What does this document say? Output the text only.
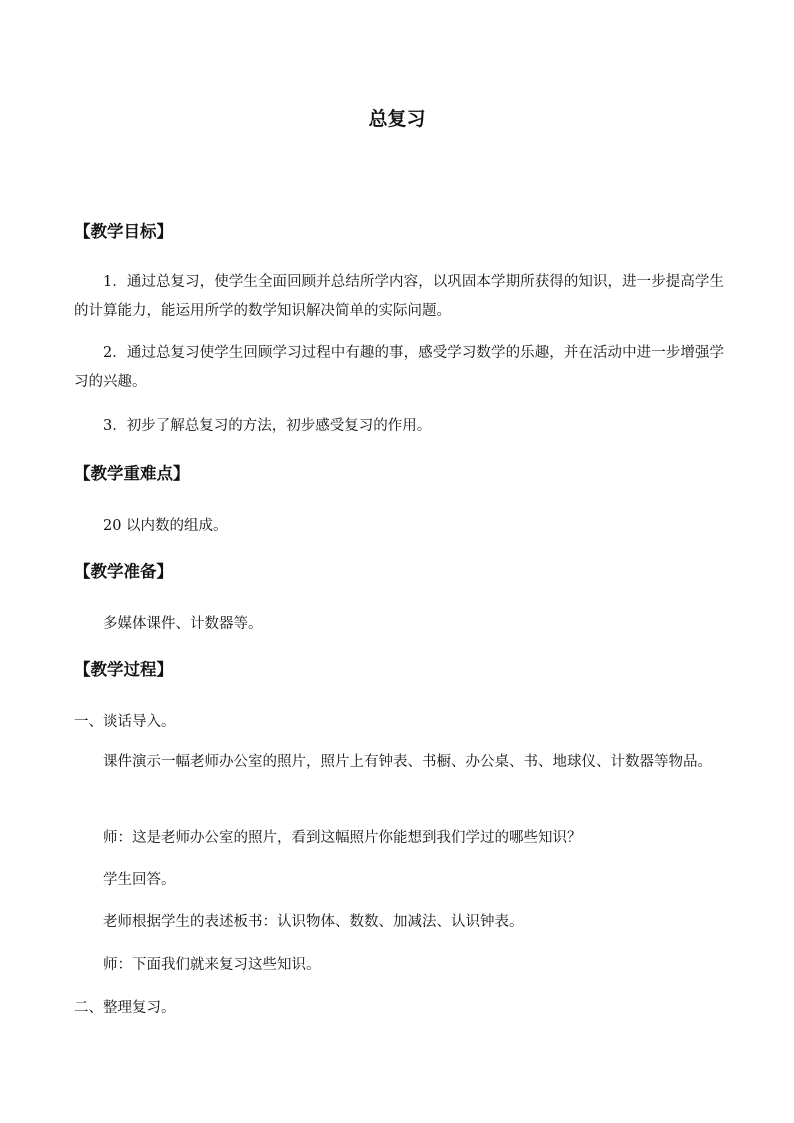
总复习
【教学目标】
1．通过总复习，使学生全面回顾并总结所学内容，以巩固本学期所获得的知识，进一步提高学生的计算能力，能运用所学的数学知识解决简单的实际问题。
2．通过总复习使学生回顾学习过程中有趣的事，感受学习数学的乐趣，并在活动中进一步增强学习的兴趣。
3．初步了解总复习的方法，初步感受复习的作用。
【教学重难点】
20 以内数的组成。
【教学准备】
多媒体课件、计数器等。
【教学过程】
一、谈话导入。
课件演示一幅老师办公室的照片，照片上有钟表、书橱、办公桌、书、地球仪、计数器等物品。
师：这是老师办公室的照片，看到这幅照片你能想到我们学过的哪些知识？
学生回答。
老师根据学生的表述板书：认识物体、数数、加减法、认识钟表。
师：下面我们就来复习这些知识。
二、整理复习。
